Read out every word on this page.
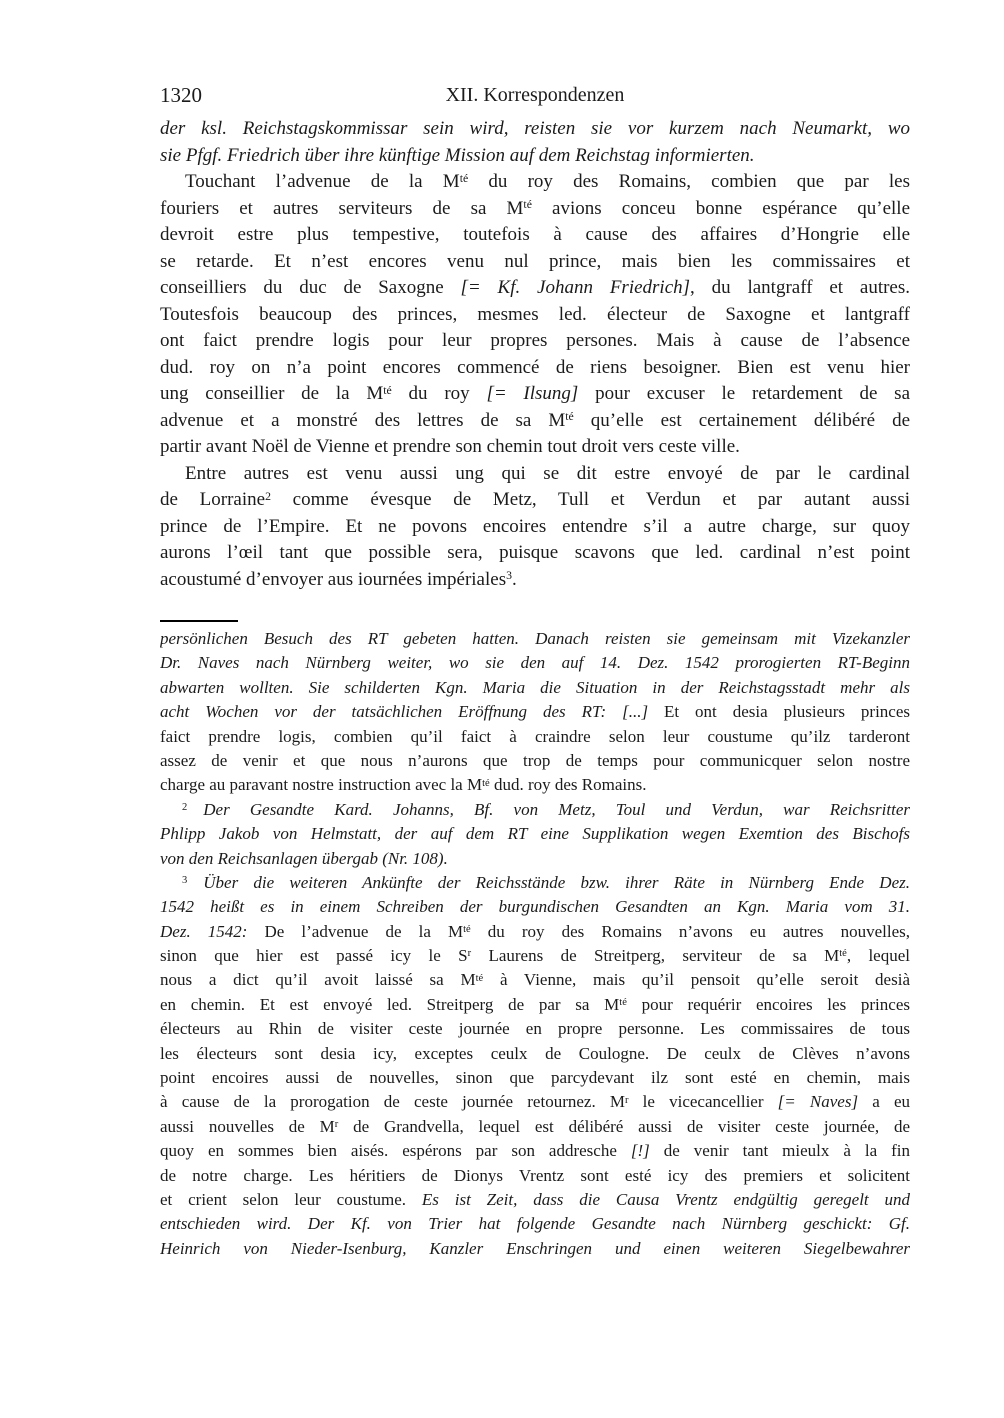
1320	XII. Korrespondenzen
der ksl. Reichstagskommissar sein wird, reisten sie vor kurzem nach Neumarkt, wo
sie Pfgf. Friedrich über ihre künftige Mission auf dem Reichstag informierten.
Touchant l’advenue de la $M^{té}$ du roy des Romains, combien que par les
fouriers et autres serviteurs de sa $M^{té}$ avions conceu bonne espérance qu’elle
devroit estre plus tempestive, toutefois à cause des affaires d’Hongrie elle
se retarde. Et n’est encores venu nul prince, mais bien les commissaires et
conseilliers du duc de Saxogne [= Kf. Johann Friedrich], du lantgraff et autres.
Toutesfois beaucoup des princes, mesmes led. électeur de Saxogne et lantgraff
ont faict prendre logis pour leur propres persones. Mais à cause de l’absence
dud. roy on n’a point encores commencé de riens besoigner. Bien est venu hier
ung conseillier de la $M^{té}$ du roy [= Ilsung] pour excuser le retardement de sa
advenue et a monstré des lettres de sa $M^{té}$ qu’elle est certainement délibéré de
partir avant Noël de Vienne et prendre son chemin tout droit vers ceste ville.
Entre autres est venu aussi ung qui se dit estre envoyé de par le cardinal
de Lorraine$^2$ comme évesque de Metz, Tull et Verdun et par autant aussi
prince de l’Empire. Et ne povons encoires entendre s’il a autre charge, sur quoy
aurons l’œil tant que possible sera, puisque scavons que led. cardinal n’est point
acoustumé d’envoyer aus iournées impériales$^3$.
persönlichen Besuch des RT gebeten hatten. Danach reisten sie gemeinsam mit Vizekanzler
Dr. Naves nach Nürnberg weiter, wo sie den auf 14. Dez. 1542 prorogierten RT-Beginn
abwarten wollten. Sie schilderten Kgn. Maria die Situation in der Reichstagsstadt mehr als
acht Wochen vor der tatsächlichen Eröffnung des RT: [...] Et ont desia plusieurs princes
faict prendre logis, combien qu’il faict à craindre selon leur coustume qu’ilz tarderont
assez de venir et que nous n’aurons que trop de temps pour communicquer selon nostre
charge au paravant nostre instruction avec la $M^{té}$ dud. roy des Romains.
$^2$ Der Gesandte Kard. Johanns, Bf. von Metz, Toul und Verdun, war Reichsritter
Phlipp Jakob von Helmstatt, der auf dem RT eine Supplikation wegen Exemtion des Bischofs
von den Reichsanlagen übergab (Nr. 108).
$^3$ Über die weiteren Ankünfte der Reichsstände bzw. ihrer Räte in Nürnberg Ende Dez.
1542 heißt es in einem Schreiben der burgundischen Gesandten an Kgn. Maria vom 31.
Dez. 1542: De l’advenue de la $M^{té}$ du roy des Romains n’avons eu autres nouvelles,
sinon que hier est passé icy le $S^r$ Laurens de Streitperg, serviteur de sa $M^{té}$, lequel
nous a dict qu’il avoit laissé sa $M^{té}$ à Vienne, mais qu’il pensoit qu’elle seroit desià
en chemin. Et est envoyé led. Streitperg de par sa $M^{té}$ pour requérir encoires les princes
électeurs au Rhin de visiter ceste journée en propre personne. Les commissaires de tous
les électeurs sont desia icy, exceptes ceulx de Coulogne. De ceulx de Clèves n’avons
point encoires aussi de nouvelles, sinon que parcydevant ilz sont esté en chemin, mais
à cause de la prorogation de ceste journée retournez. $M^r$ le vicecancellier [= Naves] a eu
aussi nouvelles de $M^r$ de Grandvella, lequel est délibéré aussi de visiter ceste journée, de
quoy en sommes bien aisés. espérons par son addresche [!] de venir tant mieulx à la fin
de notre charge. Les héritiers de Dionys Vrentz sont esté icy des premiers et solicitent
et crient selon leur coustume. Es ist Zeit, dass die Causa Vrentz endgültig geregelt und
entschieden wird. Der Kf. von Trier hat folgende Gesandte nach Nürnberg geschickt: Gf.
Heinrich von Nieder-Isenburg, Kanzler Enschringen und einen weiteren Siegelbewahrer
